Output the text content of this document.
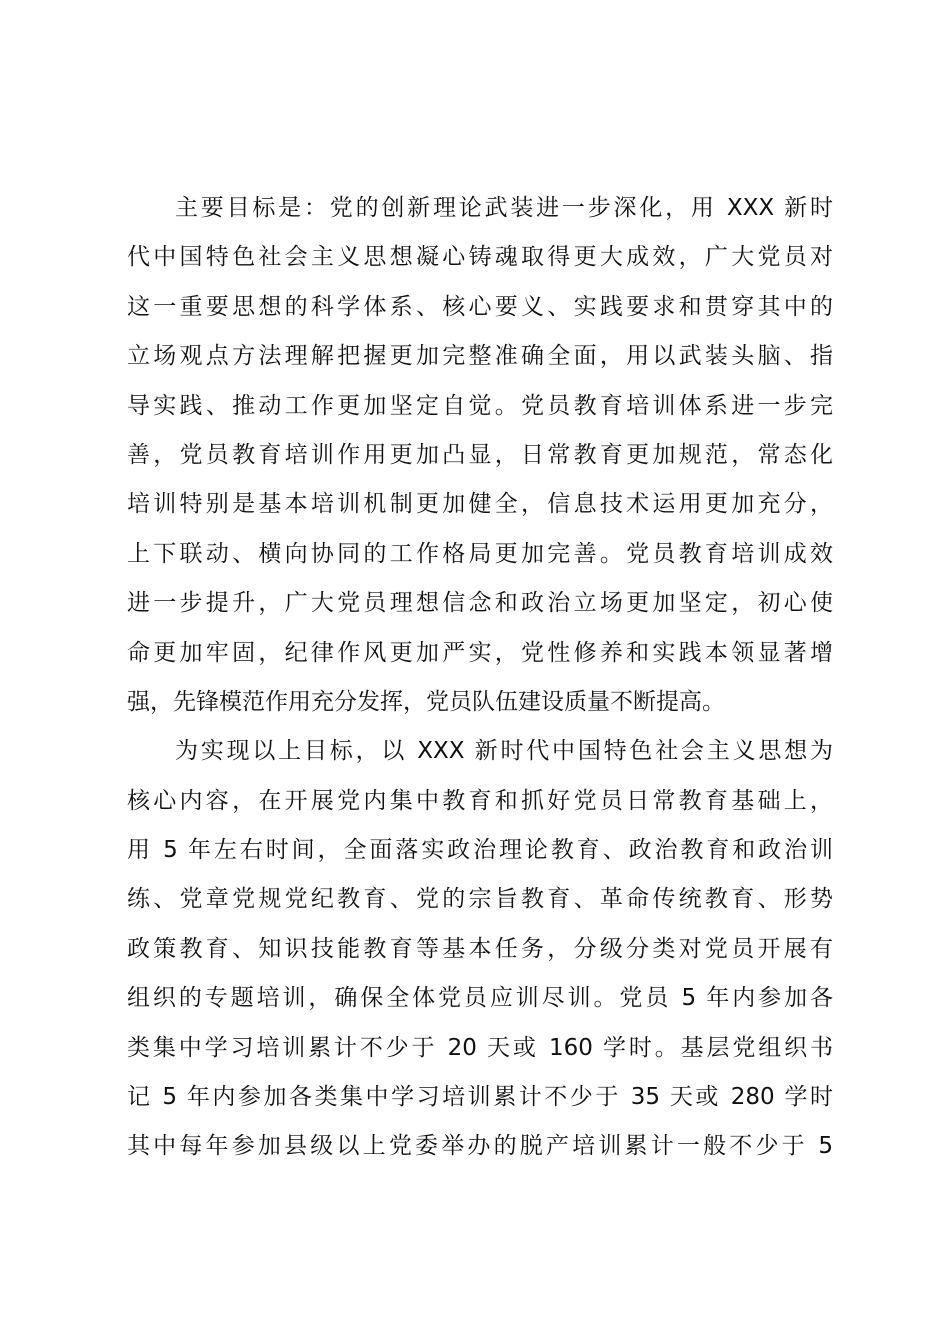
主要目标是：党的创新理论武装进一步深化，用 XXX 新时
代中国特色社会主义思想凝心铸魂取得更大成效，广大党员对
这一重要思想的科学体系、核心要义、实践要求和贯穿其中的
立场观点方法理解把握更加完整准确全面，用以武装头脑、指
导实践、推动工作更加坚定自觉。党员教育培训体系进一步完
善，党员教育培训作用更加凸显，日常教育更加规范，常态化
培训特别是基本培训机制更加健全，信息技术运用更加充分，
上下联动、横向协同的工作格局更加完善。党员教育培训成效
进一步提升，广大党员理想信念和政治立场更加坚定，初心使
命更加牢固，纪律作风更加严实，党性修养和实践本领显著增
强，先锋模范作用充分发挥，党员队伍建设质量不断提高。
为实现以上目标，以 XXX 新时代中国特色社会主义思想为
核心内容，在开展党内集中教育和抓好党员日常教育基础上，
用 5 年左右时间，全面落实政治理论教育、政治教育和政治训
练、党章党规党纪教育、党的宗旨教育、革命传统教育、形势
政策教育、知识技能教育等基本任务，分级分类对党员开展有
组织的专题培训，确保全体党员应训尽训。党员 5 年内参加各
类集中学习培训累计不少于 20 天或 160 学时。基层党组织书
记 5 年内参加各类集中学习培训累计不少于 35 天或 280 学时
其中每年参加县级以上党委举办的脱产培训累计一般不少于 5
